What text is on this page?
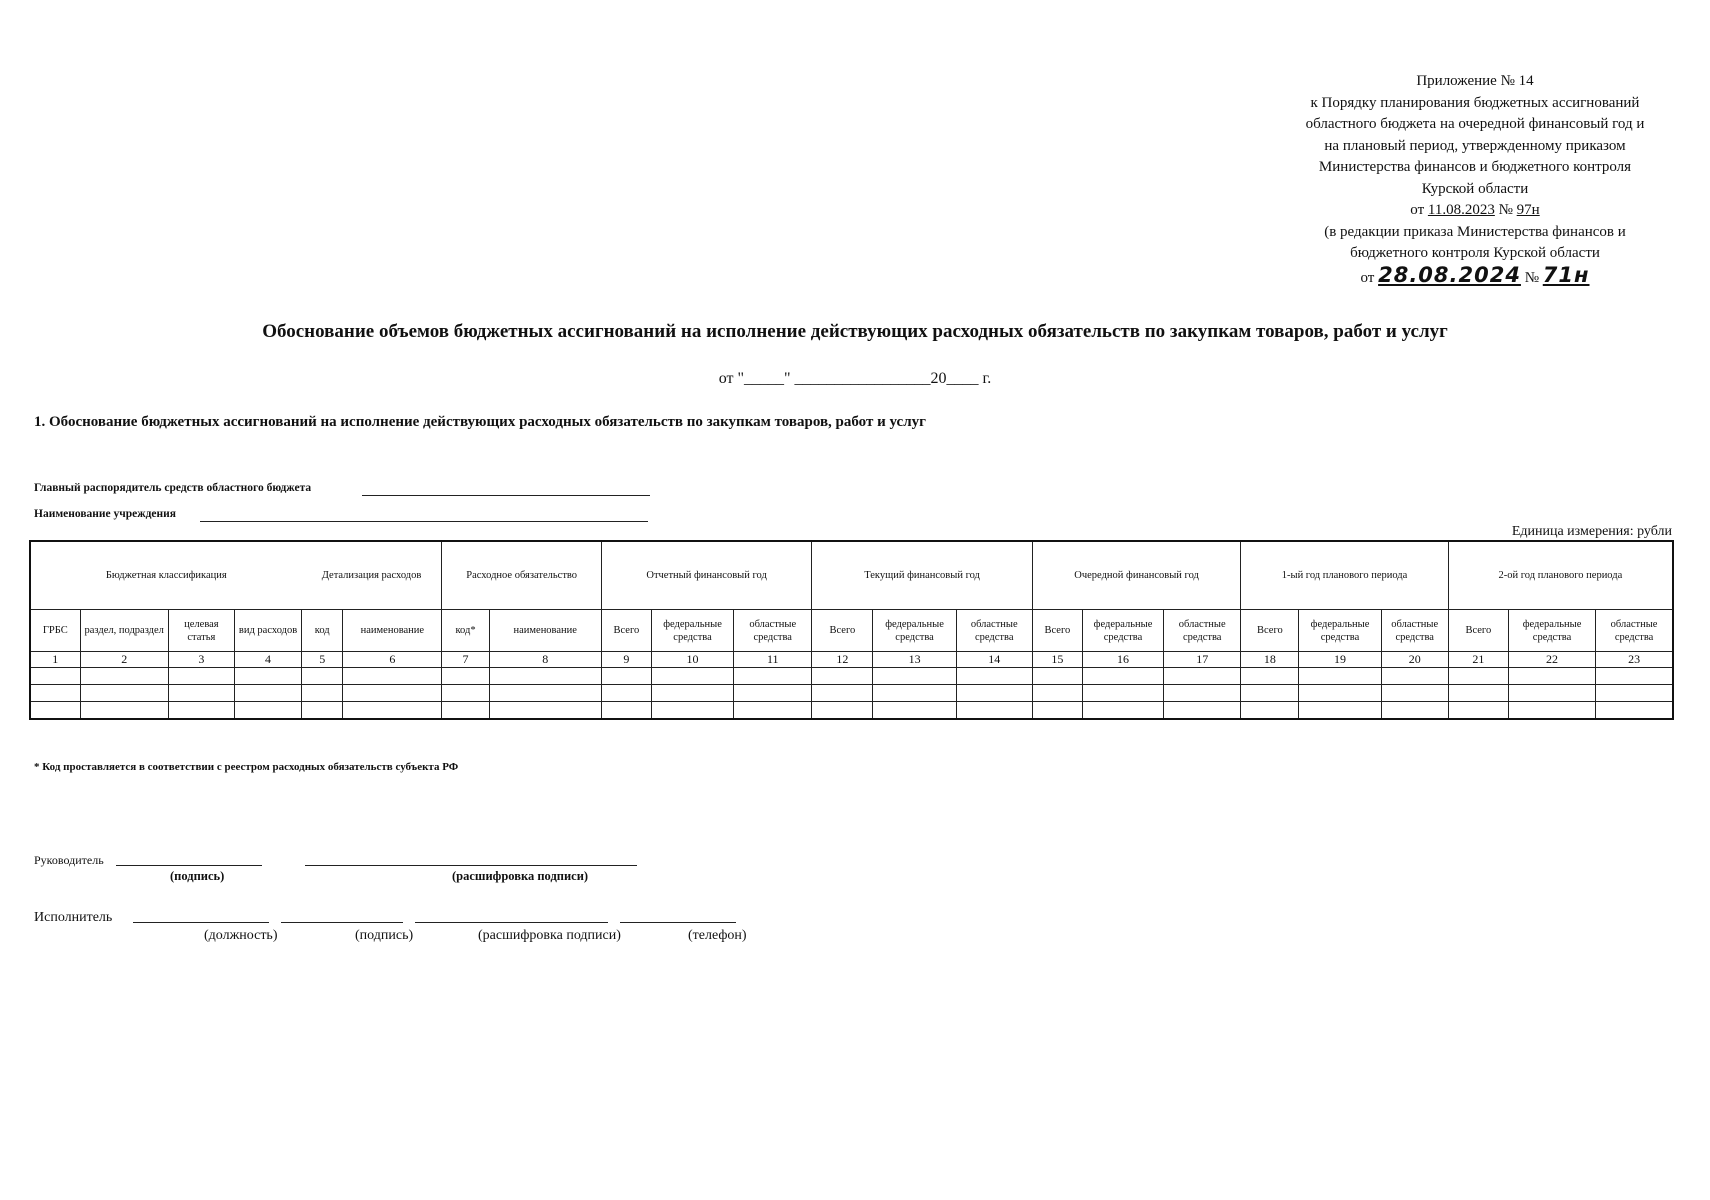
Приложение № 14
к Порядку планирования бюджетных ассигнований
областного бюджета на очередной финансовый год и
на плановый период, утвержденному приказом
Министерства финансов и бюджетного контроля
Курской области
от 11.08.2023 № 97н
(в редакции приказа Министерства финансов и
бюджетного контроля Курской области
от 28.08.2024 № 71н
Обоснование объемов бюджетных ассигнований на исполнение действующих расходных обязательств по закупкам товаров, работ и услуг
от "_____" _________________20____ г.
1. Обоснование бюджетных ассигнований на исполнение действующих расходных обязательств по закупкам товаров, работ и услуг
Главный распорядитель средств областного бюджета
Наименование учреждения
Единица измерения: рубли
Бюджетная классификация				Детализация расходов		Расходное обязательство		Отчетный финансовый год			Текущий финансовый год			Очередной финансовый год			1-ый год планового периода			2-ой год планового периода		
ГРБС	раздел, подраздел	целевая статья	вид расходов	код	наименование	код*	наименование	Всего	федеральные средства	областные средства	Всего	федеральные средства	областные средства	Всего	федеральные средства	областные средства	Всего	федеральные средства	областные средства	Всего	федеральные средства	областные средства
1	2	3	4	5	6	7	8	9	10	11	12	13	14	15	16	17	18	19	20	21	22	23

* Код проставляется в соответствии с реестром расходных обязательств субъекта РФ
Руководитель
(подпись)	(расшифровка подписи)
Исполнитель
(должность)	(подпись)	(расшифровка подписи)	(телефон)
